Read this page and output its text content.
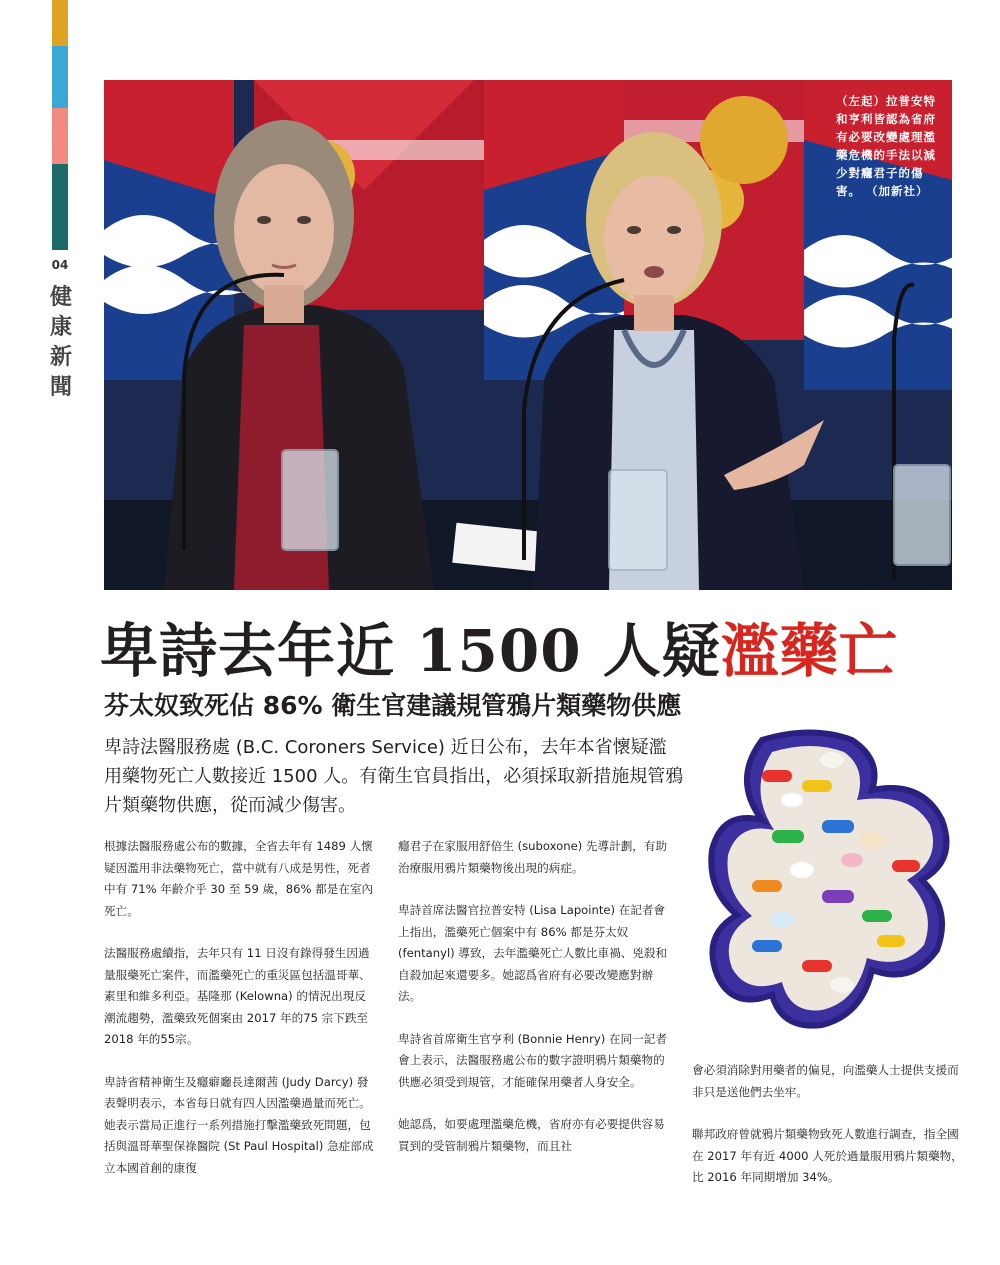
04
健康新聞
（左起）拉普安特和亨利皆認為省府有必要改變處理濫藥危機的手法以減少對癮君子的傷害。 （加新社）
卑詩去年近 1500 人疑濫藥亡
芬太奴致死佔 86% 衛生官建議規管鴉片類藥物供應
卑詩法醫服務處 (B.C. Coroners Service) 近日公布，去年本省懷疑濫用藥物死亡人數接近 1500 人。有衛生官員指出，必須採取新措施規管鴉片類藥物供應，從而減少傷害。

根據法醫服務處公布的數據，全省去年有 1489 人懷疑因濫用非法藥物死亡，當中就有八成是男性，死者中有 71% 年齡介乎 30 至 59 歲，86% 都是在室內死亡。

法醫服務處續指，去年只有 11 日沒有錄得發生因過量服藥死亡案件，而濫藥死亡的重災區包括溫哥華、素里和維多利亞。基隆那 (Kelowna) 的情況出現反潮流趨勢，濫藥致死個案由 2017 年的75 宗下跌至 2018 年的55宗。

卑詩省精神衛生及癮癖廳長達爾茜 (Judy Darcy) 發表聲明表示，本省每日就有四人因濫藥過量而死亡。她表示當局正進行一系列措施打擊濫藥致死問題，包括與溫哥華聖保祿醫院 (St Paul Hospital) 急症部成立本國首創的康復

癮君子在家服用舒倍生 (suboxone) 先導計劃，有助治療服用鴉片類藥物後出現的病症。

卑詩首席法醫官拉普安特 (Lisa Lapointe) 在記者會上指出，濫藥死亡個案中有 86% 都是芬太奴 (fentanyl) 導致，去年濫藥死亡人數比車禍、兇殺和自殺加起來還要多。她認爲省府有必要改變應對辦法。

卑詩省首席衛生官亨利 (Bonnie Henry) 在同一記者會上表示，法醫服務處公布的數字證明鴉片類藥物的供應必須受到規管，才能確保用藥者人身安全。

她認爲，如要處理濫藥危機，省府亦有必要提供容易買到的受管制鴉片類藥物，而且社

會必須消除對用藥者的偏見，向濫藥人士提供支援而非只是送他們去坐牢。

聯邦政府曾就鴉片類藥物致死人數進行調查，指全國在 2017 年有近 4000 人死於過量服用鴉片類藥物，比 2016 年同期增加 34%。
